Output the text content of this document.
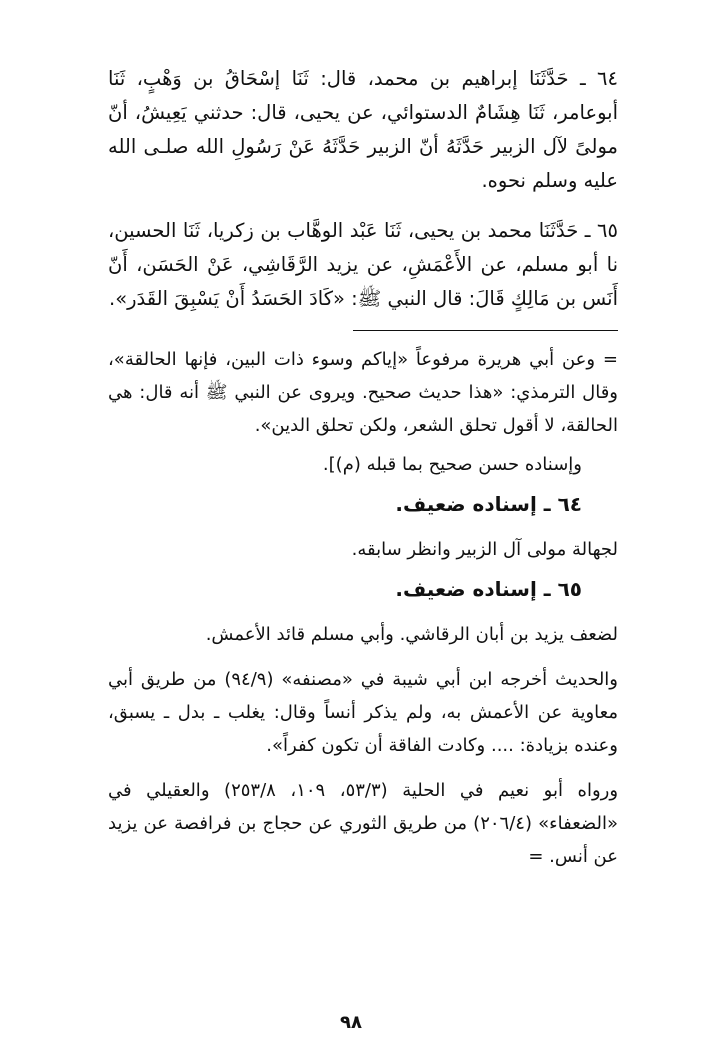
٦٤ ـ حَدَّثَنَا إبراهيم بن محمد، قال: ثَنَا إسْحَاقُ بن وَهْبٍ، ثَنَا أبوعامر، ثَنَا هِشَامٌ الدستوائي، عن يحيى، قال: حدثني يَعِيشُ، أنّ مولىً لآل الزبير حَدَّثَهُ أنّ الزبير حَدَّثَهُ عَنْ رَسُولِ الله صلـى الله عليه وسلم نحوه.

٦٥ ـ حَدَّثَنَا محمد بن يحيى، ثَنَا عَبْد الوهَّاب بن زكريا، ثَنَا الحسين، نا أبو مسلم، عن الأَعْمَشِ، عن يزيد الرَّقَاشِي، عَنْ الحَسَن، أَنّ أَنَس بن مَالِكٍ قَالَ: قال النبي ﷺ: «كَادَ الحَسَدُ أَنْ يَسْبِقَ القَدَر».

= وعن أبي هريرة مرفوعاً «إياكم وسوء ذات البين، فإنها الحالقة»، وقال الترمذي: «هذا حديث صحيح. ويروى عن النبي ﷺ أنه قال: هي الحالقة، لا أقول تحلق الشعر، ولكن تحلق الدين».

وإسناده حسن صحيح بما قبله (م)].

٦٤ ـ إسناده ضعيف.

لجهالة مولى آل الزبير وانظر سابقه.

٦٥ ـ إسناده ضعيف.

لضعف يزيد بن أبان الرقاشي. وأبي مسلم قائد الأعمش.

والحديث أخرجه ابن أبي شيبة في «مصنفه» (٩٤/٩) من طريق أبي معاوية عن الأعمش به، ولم يذكر أنساً وقال: يغلب ـ بدل ـ يسبق، وعنده بزيادة: .... وكادت الفاقة أن تكون كفراً».

ورواه أبو نعيم في الحلية (٥٣/٣، ١٠٩، ٢٥٣/٨) والعقيلي في «الضعفاء» (٢٠٦/٤) من طريق الثوري عن حجاج بن فرافصة عن يزيد عن أنس. =

٩٨
